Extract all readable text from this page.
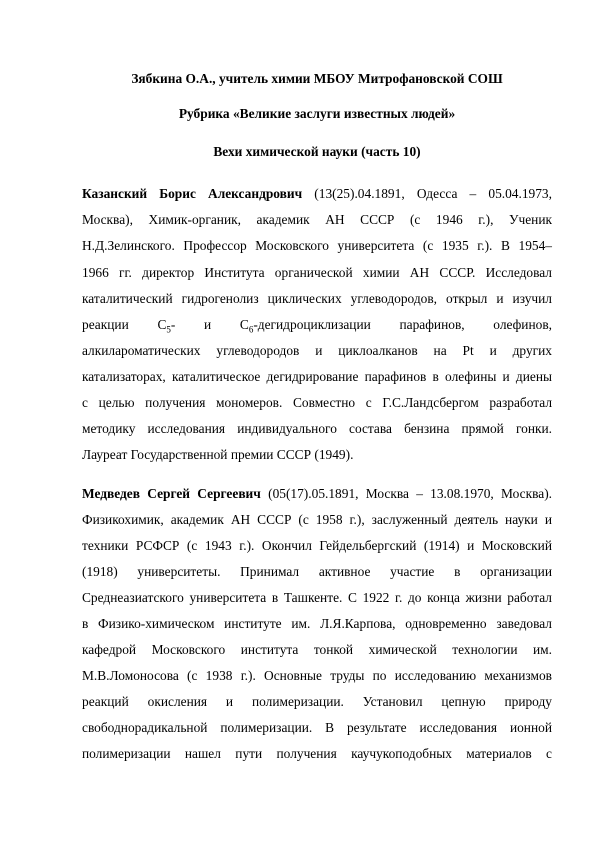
Зябкина О.А., учитель химии МБОУ Митрофановской СОШ
Рубрика «Великие заслуги известных людей»
Вехи химической науки (часть 10)
Казанский Борис Александрович (13(25).04.1891, Одесса – 05.04.1973,
Москва), Химик-органик, академик АН СССР (с 1946 г.), Ученик
Н.Д.Зелинского. Профессор Московского университета (с 1935 г.). В 1954–
1966 гг. директор Института органической химии АН СССР. Исследовал
каталитический гидрогенолиз циклических углеводородов, открыл и изучил
реакции $С_5-$ и $С_6$-дегидроциклизации парафинов, олефинов,
алкилароматических углеводородов и циклоалканов на Pt и других
катализаторах, каталитическое дегидрирование парафинов в олефины и диены
с целью получения мономеров. Совместно с Г.С.Ландсбергом разработал
методику исследования индивидуального состава бензина прямой гонки.
Лауреат Государственной премии СССР (1949).
Медведев Сергей Сергеевич (05(17).05.1891, Москва – 13.08.1970, Москва).
Физикохимик, академик АН СССР (с 1958 г.), заслуженный деятель науки и
техники РСФСР (с 1943 г.). Окончил Гейдельбергский (1914) и Московский
(1918) университеты. Принимал активное участие в организации
Среднеазиатского университета в Ташкенте. С 1922 г. до конца жизни работал
в Физико-химическом институте им. Л.Я.Карпова, одновременно заведовал
кафедрой Московского института тонкой химической технологии им.
М.В.Ломоносова (с 1938 г.). Основные труды по исследованию механизмов
реакций окисления и полимеризации. Установил цепную природу
свободнорадикальной полимеризации. В результате исследования ионной
полимеризации нашел пути получения каучукоподобных материалов с
